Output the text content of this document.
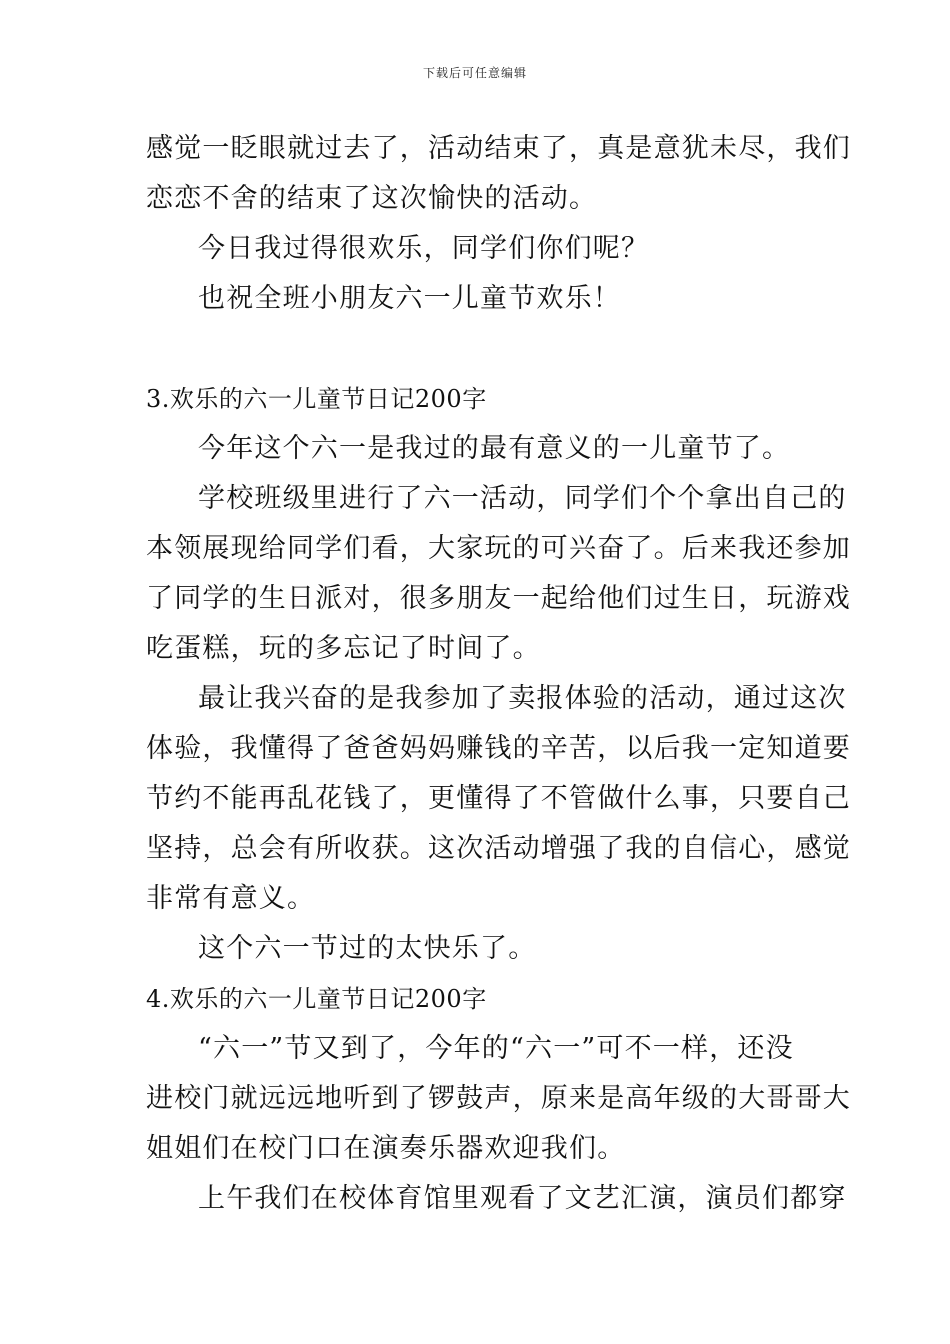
下载后可任意编辑
感觉一眨眼就过去了，活动结束了，真是意犹未尽，我们
恋恋不舍的结束了这次愉快的活动。
今日我过得很欢乐，同学们你们呢？
也祝全班小朋友六一儿童节欢乐！
3.欢乐的六一儿童节日记200字
今年这个六一是我过的最有意义的一儿童节了。
学校班级里进行了六一活动，同学们个个拿出自己的
本领展现给同学们看，大家玩的可兴奋了。后来我还参加
了同学的生日派对，很多朋友一起给他们过生日，玩游戏
吃蛋糕，玩的多忘记了时间了。
最让我兴奋的是我参加了卖报体验的活动，通过这次
体验，我懂得了爸爸妈妈赚钱的辛苦，以后我一定知道要
节约不能再乱花钱了，更懂得了不管做什么事，只要自己
坚持，总会有所收获。这次活动增强了我的自信心，感觉
非常有意义。
这个六一节过的太快乐了。
4.欢乐的六一儿童节日记200字
“六一”节又到了，今年的“六一”可不一样，还没
进校门就远远地听到了锣鼓声，原来是高年级的大哥哥大
姐姐们在校门口在演奏乐器欢迎我们。
上午我们在校体育馆里观看了文艺汇演，演员们都穿
